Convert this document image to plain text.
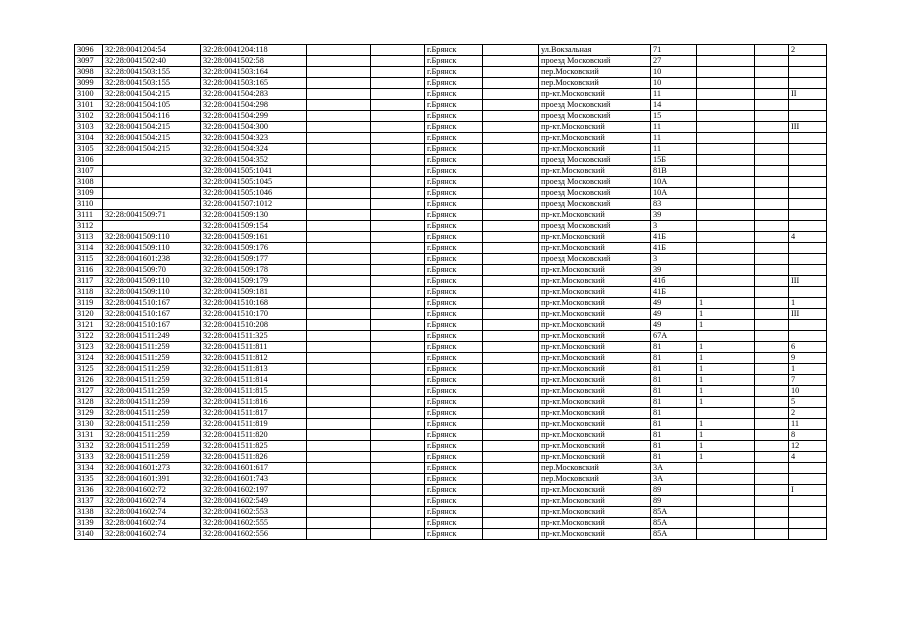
3096	32:28:0041204:54	32:28:0041204:118			г.Брянск		ул.Вокзальная	71			2
3097	32:28:0041502:40	32:28:0041502:58			г.Брянск		проезд Московский	27			
3098	32:28:0041503:155	32:28:0041503:164			г.Брянск		пер.Московский	10			
3099	32:28:0041503:155	32:28:0041503:165			г.Брянск		пер.Московский	10			
3100	32:28:0041504:215	32:28:0041504:283			г.Брянск		пр-кт.Московский	11			II
3101	32:28:0041504:105	32:28:0041504:298			г.Брянск		проезд Московский	14			
3102	32:28:0041504:116	32:28:0041504:299			г.Брянск		проезд Московский	15			
3103	32:28:0041504:215	32:28:0041504:300			г.Брянск		пр-кт.Московский	11			III
3104	32:28:0041504:215	32:28:0041504:323			г.Брянск		пр-кт.Московский	11			
3105	32:28:0041504:215	32:28:0041504:324			г.Брянск		пр-кт.Московский	11			
3106		32:28:0041504:352			г.Брянск		проезд Московский	15Б			
3107		32:28:0041505:1041			г.Брянск		пр-кт.Московский	81В			
3108		32:28:0041505:1045			г.Брянск		проезд Московский	10А			
3109		32:28:0041505:1046			г.Брянск		проезд Московский	10А			
3110		32:28:0041507:1012			г.Брянск		проезд Московский	83			
3111	32:28:0041509:71	32:28:0041509:130			г.Брянск		пр-кт.Московский	39			
3112		32:28:0041509:154			г.Брянск		проезд Московский	3			
3113	32:28:0041509:110	32:28:0041509:161			г.Брянск		пр-кт.Московский	41Б			4
3114	32:28:0041509:110	32:28:0041509:176			г.Брянск		пр-кт.Московский	41Б			
3115	32:28:0041601:238	32:28:0041509:177			г.Брянск		проезд Московский	3			
3116	32:28:0041509:70	32:28:0041509:178			г.Брянск		пр-кт.Московский	39			
3117	32:28:0041509:110	32:28:0041509:179			г.Брянск		пр-кт.Московский	41б			III
3118	32:28:0041509:110	32:28:0041509:181			г.Брянск		пр-кт.Московский	41Б			
3119	32:28:0041510:167	32:28:0041510:168			г.Брянск		пр-кт.Московский	49	1		1
3120	32:28:0041510:167	32:28:0041510:170			г.Брянск		пр-кт.Московский	49	1		III
3121	32:28:0041510:167	32:28:0041510:208			г.Брянск		пр-кт.Московский	49	1		
3122	32:28:0041511:249	32:28:0041511:325			г.Брянск		пр-кт.Московский	67А			
3123	32:28:0041511:259	32:28:0041511:811			г.Брянск		пр-кт.Московский	81	1		6
3124	32:28:0041511:259	32:28:0041511:812			г.Брянск		пр-кт.Московский	81	1		9
3125	32:28:0041511:259	32:28:0041511:813			г.Брянск		пр-кт.Московский	81	1		1
3126	32:28:0041511:259	32:28:0041511:814			г.Брянск		пр-кт.Московский	81	1		7
3127	32:28:0041511:259	32:28:0041511:815			г.Брянск		пр-кт.Московский	81	1		10
3128	32:28:0041511:259	32:28:0041511:816			г.Брянск		пр-кт.Московский	81	1		5
3129	32:28:0041511:259	32:28:0041511:817			г.Брянск		пр-кт.Московский	81			2
3130	32:28:0041511:259	32:28:0041511:819			г.Брянск		пр-кт.Московский	81	1		11
3131	32:28:0041511:259	32:28:0041511:820			г.Брянск		пр-кт.Московский	81	1		8
3132	32:28:0041511:259	32:28:0041511:825			г.Брянск		пр-кт.Московский	81	1		12
3133	32:28:0041511:259	32:28:0041511:826			г.Брянск		пр-кт.Московский	81	1		4
3134	32:28:0041601:273	32:28:0041601:617			г.Брянск		пер.Московский	3А			
3135	32:28:0041601:391	32:28:0041601:743			г.Брянск		пер.Московский	3А			
3136	32:28:0041602:72	32:28:0041602:197			г.Брянск		пр-кт.Московский	89			I
3137	32:28:0041602:74	32:28:0041602:549			г.Брянск		пр-кт.Московский	89			
3138	32:28:0041602:74	32:28:0041602:553			г.Брянск		пр-кт.Московский	85А			
3139	32:28:0041602:74	32:28:0041602:555			г.Брянск		пр-кт.Московский	85А			
3140	32:28:0041602:74	32:28:0041602:556			г.Брянск		пр-кт.Московский	85А			
